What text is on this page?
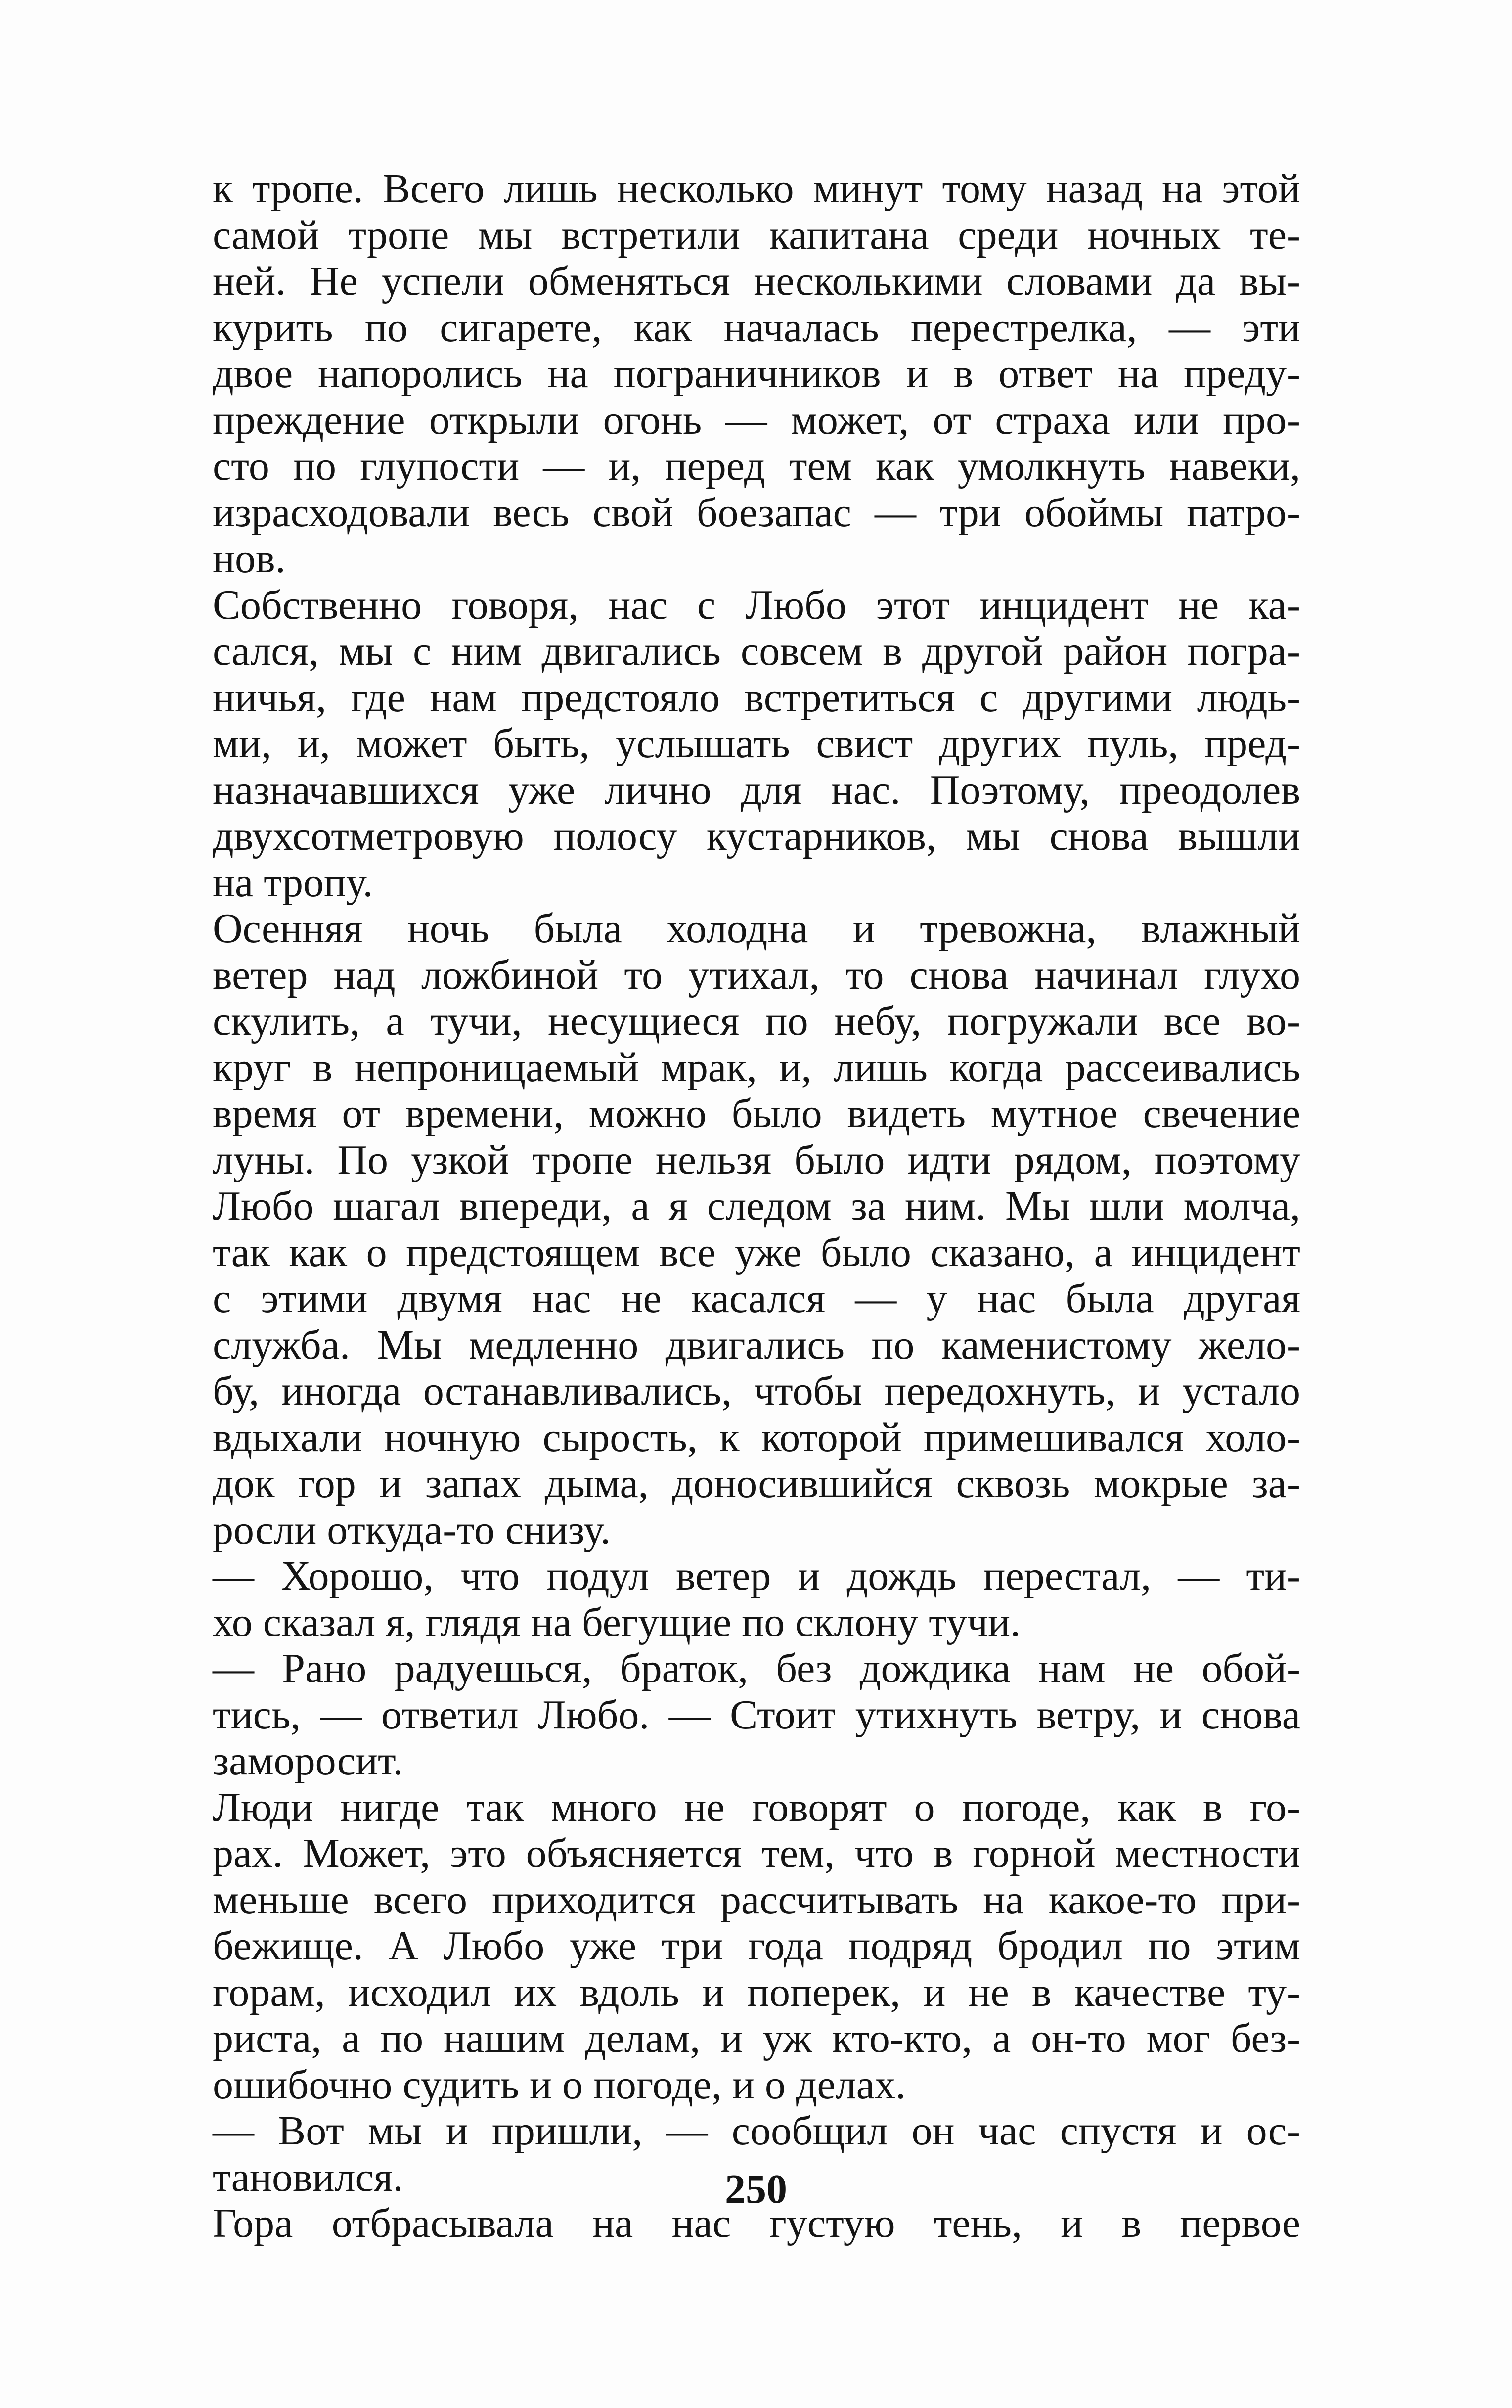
к тропе. Всего лишь несколько минут тому назад на этой
самой тропе мы встретили капитана среди ночных те-
ней. Не успели обменяться несколькими словами да вы-
курить по сигарете, как началась перестрелка, — эти
двое напоролись на пограничников и в ответ на преду-
преждение открыли огонь — может, от страха или про-
сто по глупости — и, перед тем как умолкнуть навеки,
израсходовали весь свой боезапас — три обоймы патро-
нов.

Собственно говоря, нас с Любо этот инцидент не ка-
сался, мы с ним двигались совсем в другой район погра-
ничья, где нам предстояло встретиться с другими людь-
ми, и, может быть, услышать свист других пуль, пред-
назначавшихся уже лично для нас. Поэтому, преодолев
двухсотметровую полосу кустарников, мы снова вышли
на тропу.

Осенняя ночь была холодна и тревожна, влажный
ветер над ложбиной то утихал, то снова начинал глухо
скулить, а тучи, несущиеся по небу, погружали все во-
круг в непроницаемый мрак, и, лишь когда рассеивались
время от времени, можно было видеть мутное свечение
луны. По узкой тропе нельзя было идти рядом, поэтому
Любо шагал впереди, а я следом за ним. Мы шли молча,
так как о предстоящем все уже было сказано, а инцидент
с этими двумя нас не касался — у нас была другая
служба. Мы медленно двигались по каменистому жело-
бу, иногда останавливались, чтобы передохнуть, и устало
вдыхали ночную сырость, к которой примешивался холо-
док гор и запах дыма, доносившийся сквозь мокрые за-
росли откуда-то снизу.

— Хорошо, что подул ветер и дождь перестал, — ти-
хо сказал я, глядя на бегущие по склону тучи.

— Рано радуешься, браток, без дождика нам не обой-
тись, — ответил Любо. — Стоит утихнуть ветру, и снова
заморосит.

Люди нигде так много не говорят о погоде, как в го-
рах. Может, это объясняется тем, что в горной местности
меньше всего приходится рассчитывать на какое-то при-
бежище. А Любо уже три года подряд бродил по этим
горам, исходил их вдоль и поперек, и не в качестве ту-
риста, а по нашим делам, и уж кто-кто, а он-то мог без-
ошибочно судить и о погоде, и о делах.

— Вот мы и пришли, — сообщил он час спустя и ос-
тановился.

Гора отбрасывала на нас густую тень, и в первое

250
